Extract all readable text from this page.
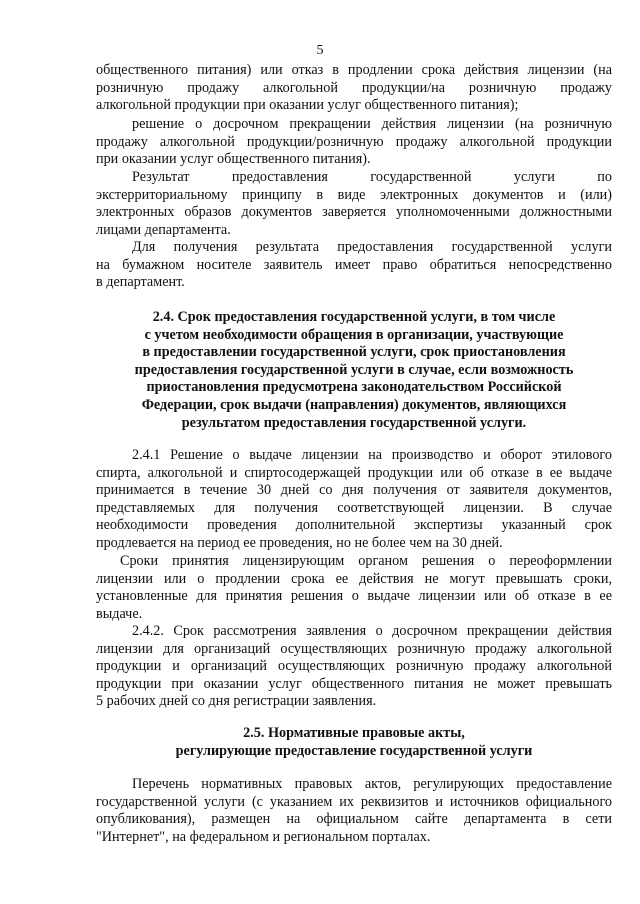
5
общественного питания) или отказ в продлении срока действия лицензии (на
розничную продажу алкогольной продукции/на розничную продажу
алкогольной продукции при оказании услуг общественного питания);
решение о досрочном прекращении действия лицензии (на розничную
продажу алкогольной продукции/розничную продажу алкогольной продукции
при оказании услуг общественного питания).
Результат предоставления государственной услуги по
экстерриториальному принципу в виде электронных документов и (или)
электронных образов документов заверяется уполномоченными должностными
лицами департамента.
Для получения результата предоставления государственной услуги
на бумажном носителе заявитель имеет право обратиться непосредственно
в департамент.
2.4. Срок предоставления государственной услуги, в том числе
с учетом необходимости обращения в организации, участвующие
в предоставлении государственной услуги, срок приостановления
предоставления государственной услуги в случае, если возможность
приостановления предусмотрена законодательством Российской
Федерации, срок выдачи (направления) документов, являющихся
результатом предоставления государственной услуги.
2.4.1 Решение о выдаче лицензии на производство и оборот этилового
спирта, алкогольной и спиртосодержащей продукции или об отказе в ее выдаче
принимается в течение 30 дней со дня получения от заявителя документов,
представляемых для получения соответствующей лицензии. В случае
необходимости проведения дополнительной экспертизы указанный срок
продлевается на период ее проведения, но не более чем на 30 дней.
Сроки принятия лицензирующим органом решения о переоформлении
лицензии или о продлении срока ее действия не могут превышать сроки,
установленные для принятия решения о выдаче лицензии или об отказе в ее
выдаче.
2.4.2. Срок рассмотрения заявления о досрочном прекращении действия
лицензии для организаций осуществляющих розничную продажу алкогольной
продукции и организаций осуществляющих розничную продажу алкогольной
продукции при оказании услуг общественного питания не может превышать
5 рабочих дней со дня регистрации заявления.
2.5. Нормативные правовые акты,
регулирующие предоставление государственной услуги
Перечень нормативных правовых актов, регулирующих предоставление
государственной услуги (с указанием их реквизитов и источников официального
опубликования), размещен на официальном сайте департамента в сети
"Интернет", на федеральном и региональном порталах.
